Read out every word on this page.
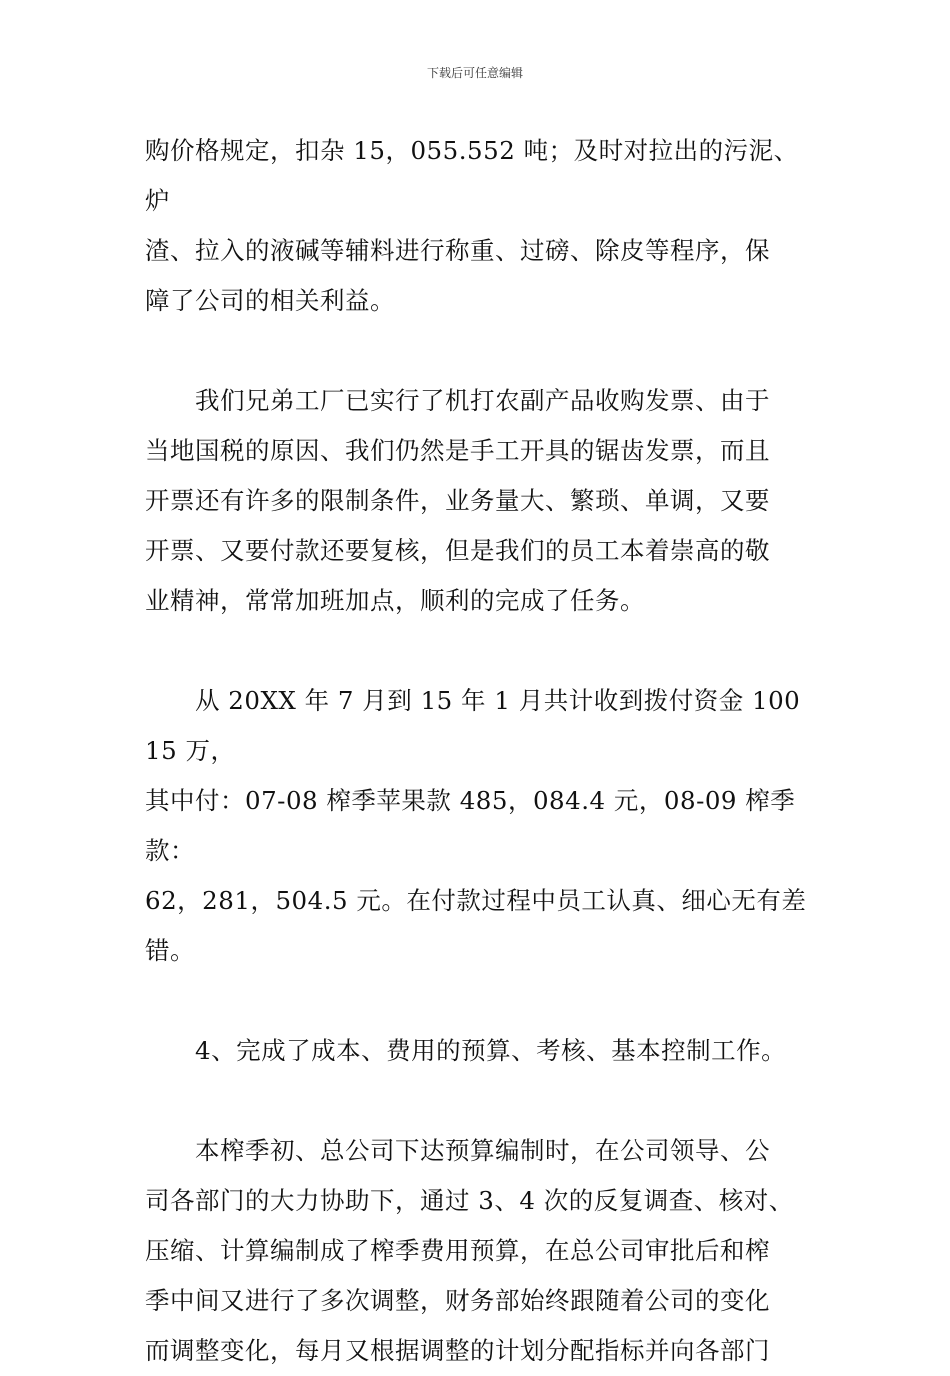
下载后可任意编辑

购价格规定，扣杂 15，055.552 吨；及时对拉出的污泥、炉
渣、拉入的液碱等辅料进行称重、过磅、除皮等程序，保
障了公司的相关利益。

我们兄弟工厂已实行了机打农副产品收购发票、由于
当地国税的原因、我们仍然是手工开具的锯齿发票，而且
开票还有许多的限制条件，业务量大、繁琐、单调，又要
开票、又要付款还要复核，但是我们的员工本着崇高的敬
业精神，常常加班加点，顺利的完成了任务。

从 20XX 年 7 月到 15 年 1 月共计收到拨付资金 10015 万，
其中付：07-08 榨季苹果款 485，084.4 元，08-09 榨季款：
62，281，504.5 元。在付款过程中员工认真、细心无有差
错。

4、完成了成本、费用的预算、考核、基本控制工作。

本榨季初、总公司下达预算编制时，在公司领导、公
司各部门的大力协助下，通过 3、4 次的反复调查、核对、
压缩、计算编制成了榨季费用预算，在总公司审批后和榨
季中间又进行了多次调整，财务部始终跟随着公司的变化
而调整变化，每月又根据调整的计划分配指标并向各部门
